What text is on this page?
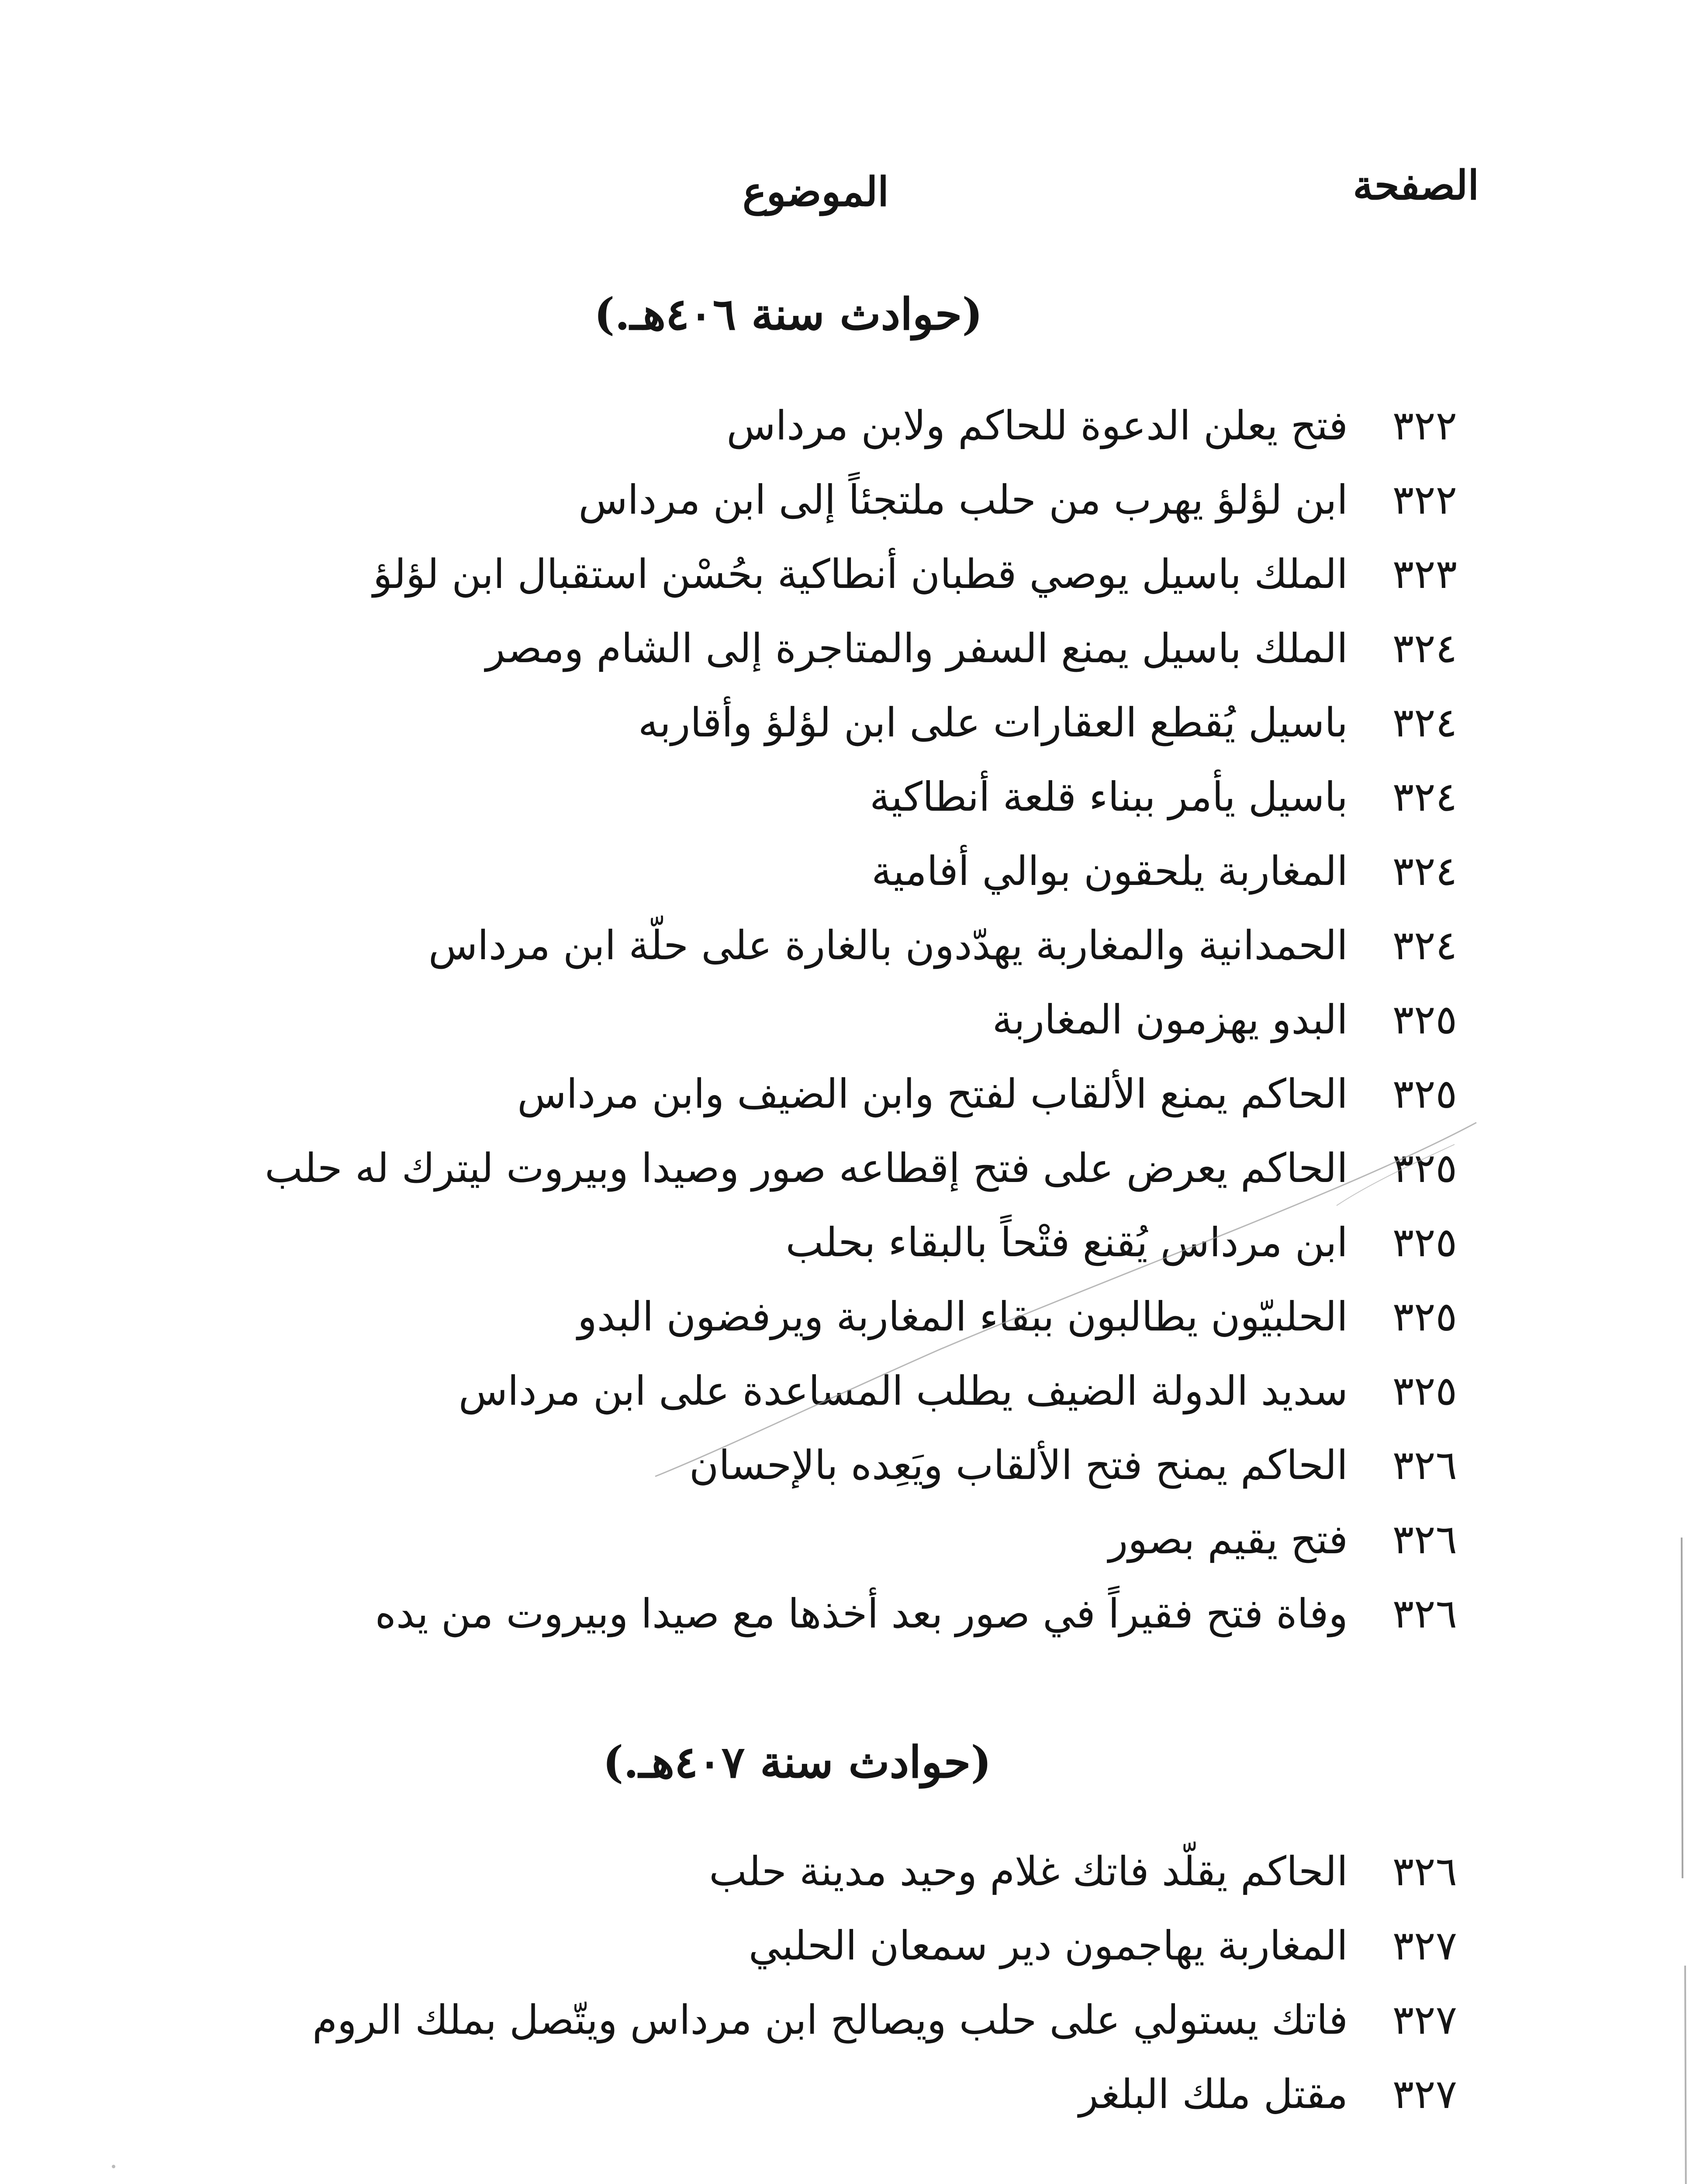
الصفحة
الموضوع
(حوادث سنة ٤٠٦هـ.)
٣٢٢
فتح يعلن الدعوة للحاكم ولابن مرداس
٣٢٢
ابن لؤلؤ يهرب من حلب ملتجئاً إلى ابن مرداس
٣٢٣
الملك باسيل يوصي قطبان أنطاكية بحُسْن استقبال ابن لؤلؤ
٣٢٤
الملك باسيل يمنع السفر والمتاجرة إلى الشام ومصر
٣٢٤
باسيل يُقطع العقارات على ابن لؤلؤ وأقاربه
٣٢٤
باسيل يأمر ببناء قلعة أنطاكية
٣٢٤
المغاربة يلحقون بوالي أفامية
٣٢٤
الحمدانية والمغاربة يهدّدون بالغارة على حلّة ابن مرداس
٣٢٥
البدو يهزمون المغاربة
٣٢٥
الحاكم يمنع الألقاب لفتح وابن الضيف وابن مرداس
٣٢٥
الحاكم يعرض على فتح إقطاعه صور وصيدا وبيروت ليترك له حلب
٣٢٥
ابن مرداس يُقنع فتْحاً بالبقاء بحلب
٣٢٥
الحلبيّون يطالبون ببقاء المغاربة ويرفضون البدو
٣٢٥
سديد الدولة الضيف يطلب المساعدة على ابن مرداس
٣٢٦
الحاكم يمنح فتح الألقاب ويَعِده بالإحسان
٣٢٦
فتح يقيم بصور
٣٢٦
وفاة فتح فقيراً في صور بعد أخذها مع صيدا وبيروت من يده
(حوادث سنة ٤٠٧هـ.)
٣٢٦
الحاكم يقلّد فاتك غلام وحيد مدينة حلب
٣٢٧
المغاربة يهاجمون دير سمعان الحلبي
٣٢٧
فاتك يستولي على حلب ويصالح ابن مرداس ويتّصل بملك الروم
٣٢٧
مقتل ملك البلغر
